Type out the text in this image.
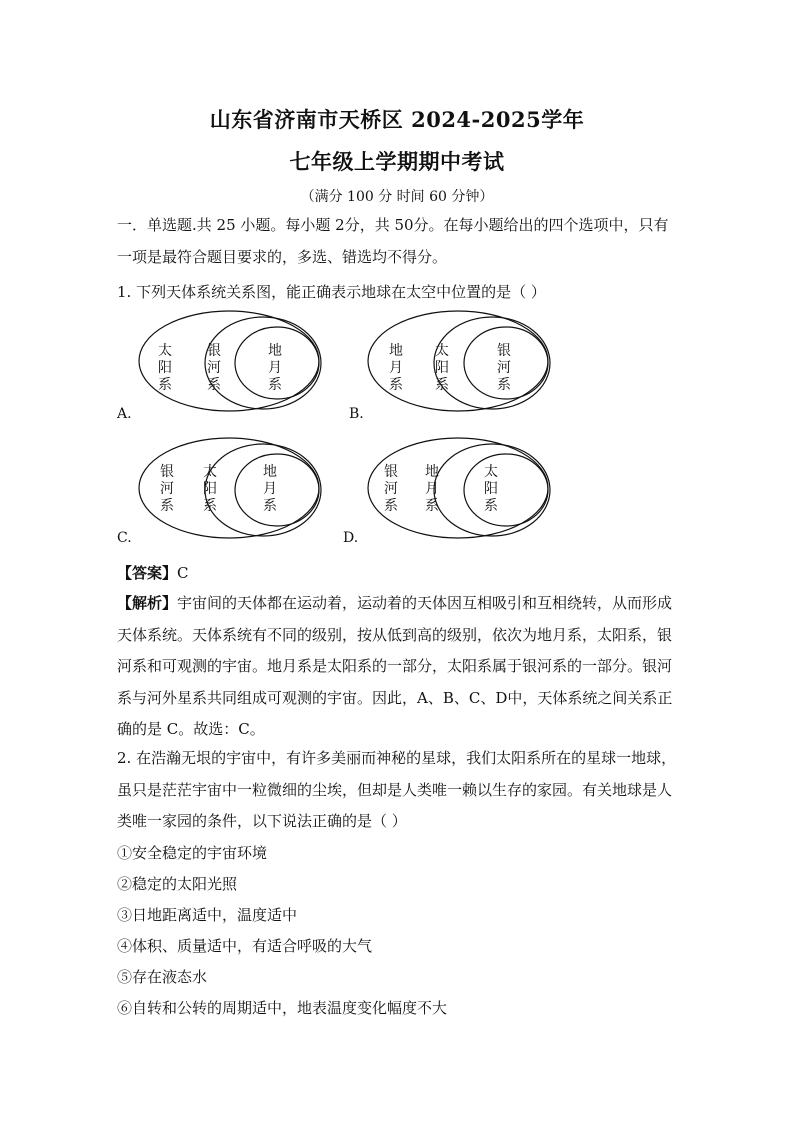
山东省济南市天桥区 2024-2025学年
七年级上学期期中考试
（满分 100 分 时间 60 分钟）

一．单选题.共 25 小题。每小题 2分，共 50分。在每小题给出的四个选项中，只有一项是最符合题目要求的，多选、错选均不得分。

1. 下列天体系统关系图，能正确表示地球在太空中位置的是（ ）
太阳系
银河系
地月系
A.
地月系
太阳系
银河系
B.
银河系
太阳系
地月系
C.
银河系
地月系
太阳系
D.
【答案】C

【解析】宇宙间的天体都在运动着，运动着的天体因互相吸引和互相绕转，从而形成天体系统。天体系统有不同的级别，按从低到高的级别，依次为地月系，太阳系，银河系和可观测的宇宙。地月系是太阳系的一部分，太阳系属于银河系的一部分。银河系与河外星系共同组成可观测的宇宙。因此，A、B、C、D中，天体系统之间关系正确的是 C。故选：C。

2. 在浩瀚无垠的宇宙中，有许多美丽而神秘的星球，我们太阳系所在的星球一地球，虽只是茫茫宇宙中一粒微细的尘埃，但却是人类唯一赖以生存的家园。有关地球是人类唯一家园的条件，以下说法正确的是（ ）

①安全稳定的宇宙环境
②稳定的太阳光照
③日地距离适中，温度适中
④体积、质量适中，有适合呼吸的大气
⑤存在液态水
⑥自转和公转的周期适中，地表温度变化幅度不大
